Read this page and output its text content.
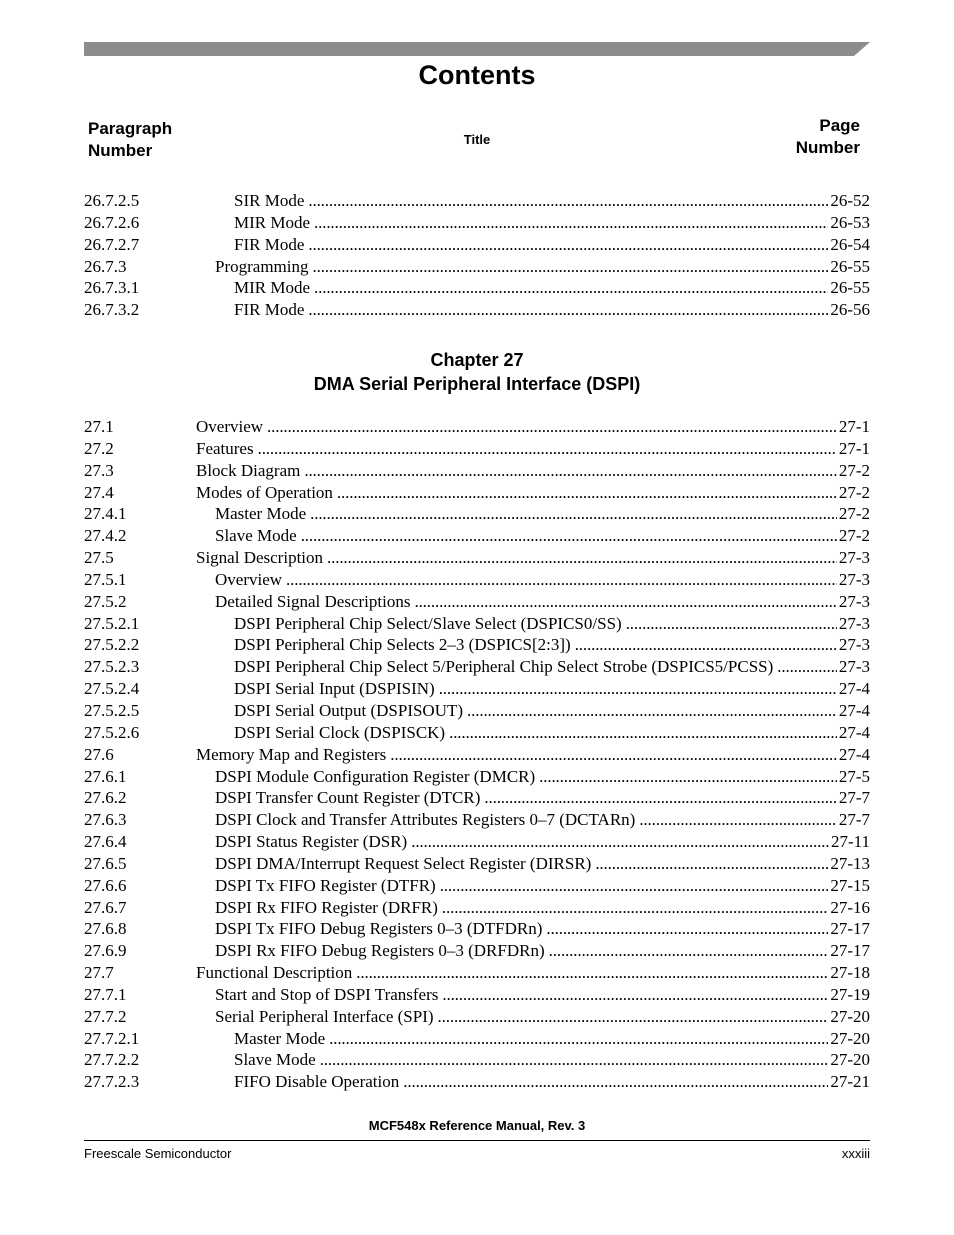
Contents
Paragraph
Number
Title
Page
Number
26.7.2.5	SIR Mode . . .	26-52
26.7.2.6	MIR Mode . . .	26-53
26.7.2.7	FIR Mode . . .	26-54
26.7.3	Programming . . .	26-55
26.7.3.1	MIR Mode . . .	26-55
26.7.3.2	FIR Mode . . .	26-56
Chapter 27
DMA Serial Peripheral Interface (DSPI)
27.1	Overview . . .	27-1
27.2	Features . . .	27-1
27.3	Block Diagram . . .	27-2
27.4	Modes of Operation . . .	27-2
27.4.1	Master Mode . . .	27-2
27.4.2	Slave Mode . . .	27-2
27.5	Signal Description . . .	27-3
27.5.1	Overview . . .	27-3
27.5.2	Detailed Signal Descriptions . . .	27-3
27.5.2.1	DSPI Peripheral Chip Select/Slave Select (DSPICS0/SS) . . .	27-3
27.5.2.2	DSPI Peripheral Chip Selects 2–3 (DSPICS[2:3]) . . .	27-3
27.5.2.3	DSPI Peripheral Chip Select 5/Peripheral Chip Select Strobe (DSPICS5/PCSS) . . .	27-3
27.5.2.4	DSPI Serial Input (DSPISIN) . . .	27-4
27.5.2.5	DSPI Serial Output (DSPISOUT) . . .	27-4
27.5.2.6	DSPI Serial Clock (DSPISCK) . . .	27-4
27.6	Memory Map and Registers . . .	27-4
27.6.1	DSPI Module Configuration Register (DMCR) . . .	27-5
27.6.2	DSPI Transfer Count Register (DTCR) . . .	27-7
27.6.3	DSPI Clock and Transfer Attributes Registers 0–7 (DCTARn) . . .	27-7
27.6.4	DSPI Status Register (DSR) . . .	27-11
27.6.5	DSPI DMA/Interrupt Request Select Register (DIRSR) . . .	27-13
27.6.6	DSPI Tx FIFO Register (DTFR) . . .	27-15
27.6.7	DSPI Rx FIFO Register (DRFR) . . .	27-16
27.6.8	DSPI Tx FIFO Debug Registers 0–3 (DTFDRn) . . .	27-17
27.6.9	DSPI Rx FIFO Debug Registers 0–3 (DRFDRn) . . .	27-17
27.7	Functional Description . . .	27-18
27.7.1	Start and Stop of DSPI Transfers . . .	27-19
27.7.2	Serial Peripheral Interface (SPI) . . .	27-20
27.7.2.1	Master Mode . . .	27-20
27.7.2.2	Slave Mode . . .	27-20
27.7.2.3	FIFO Disable Operation . . .	27-21
MCF548x Reference Manual, Rev. 3
Freescale Semiconductor	xxxiii
